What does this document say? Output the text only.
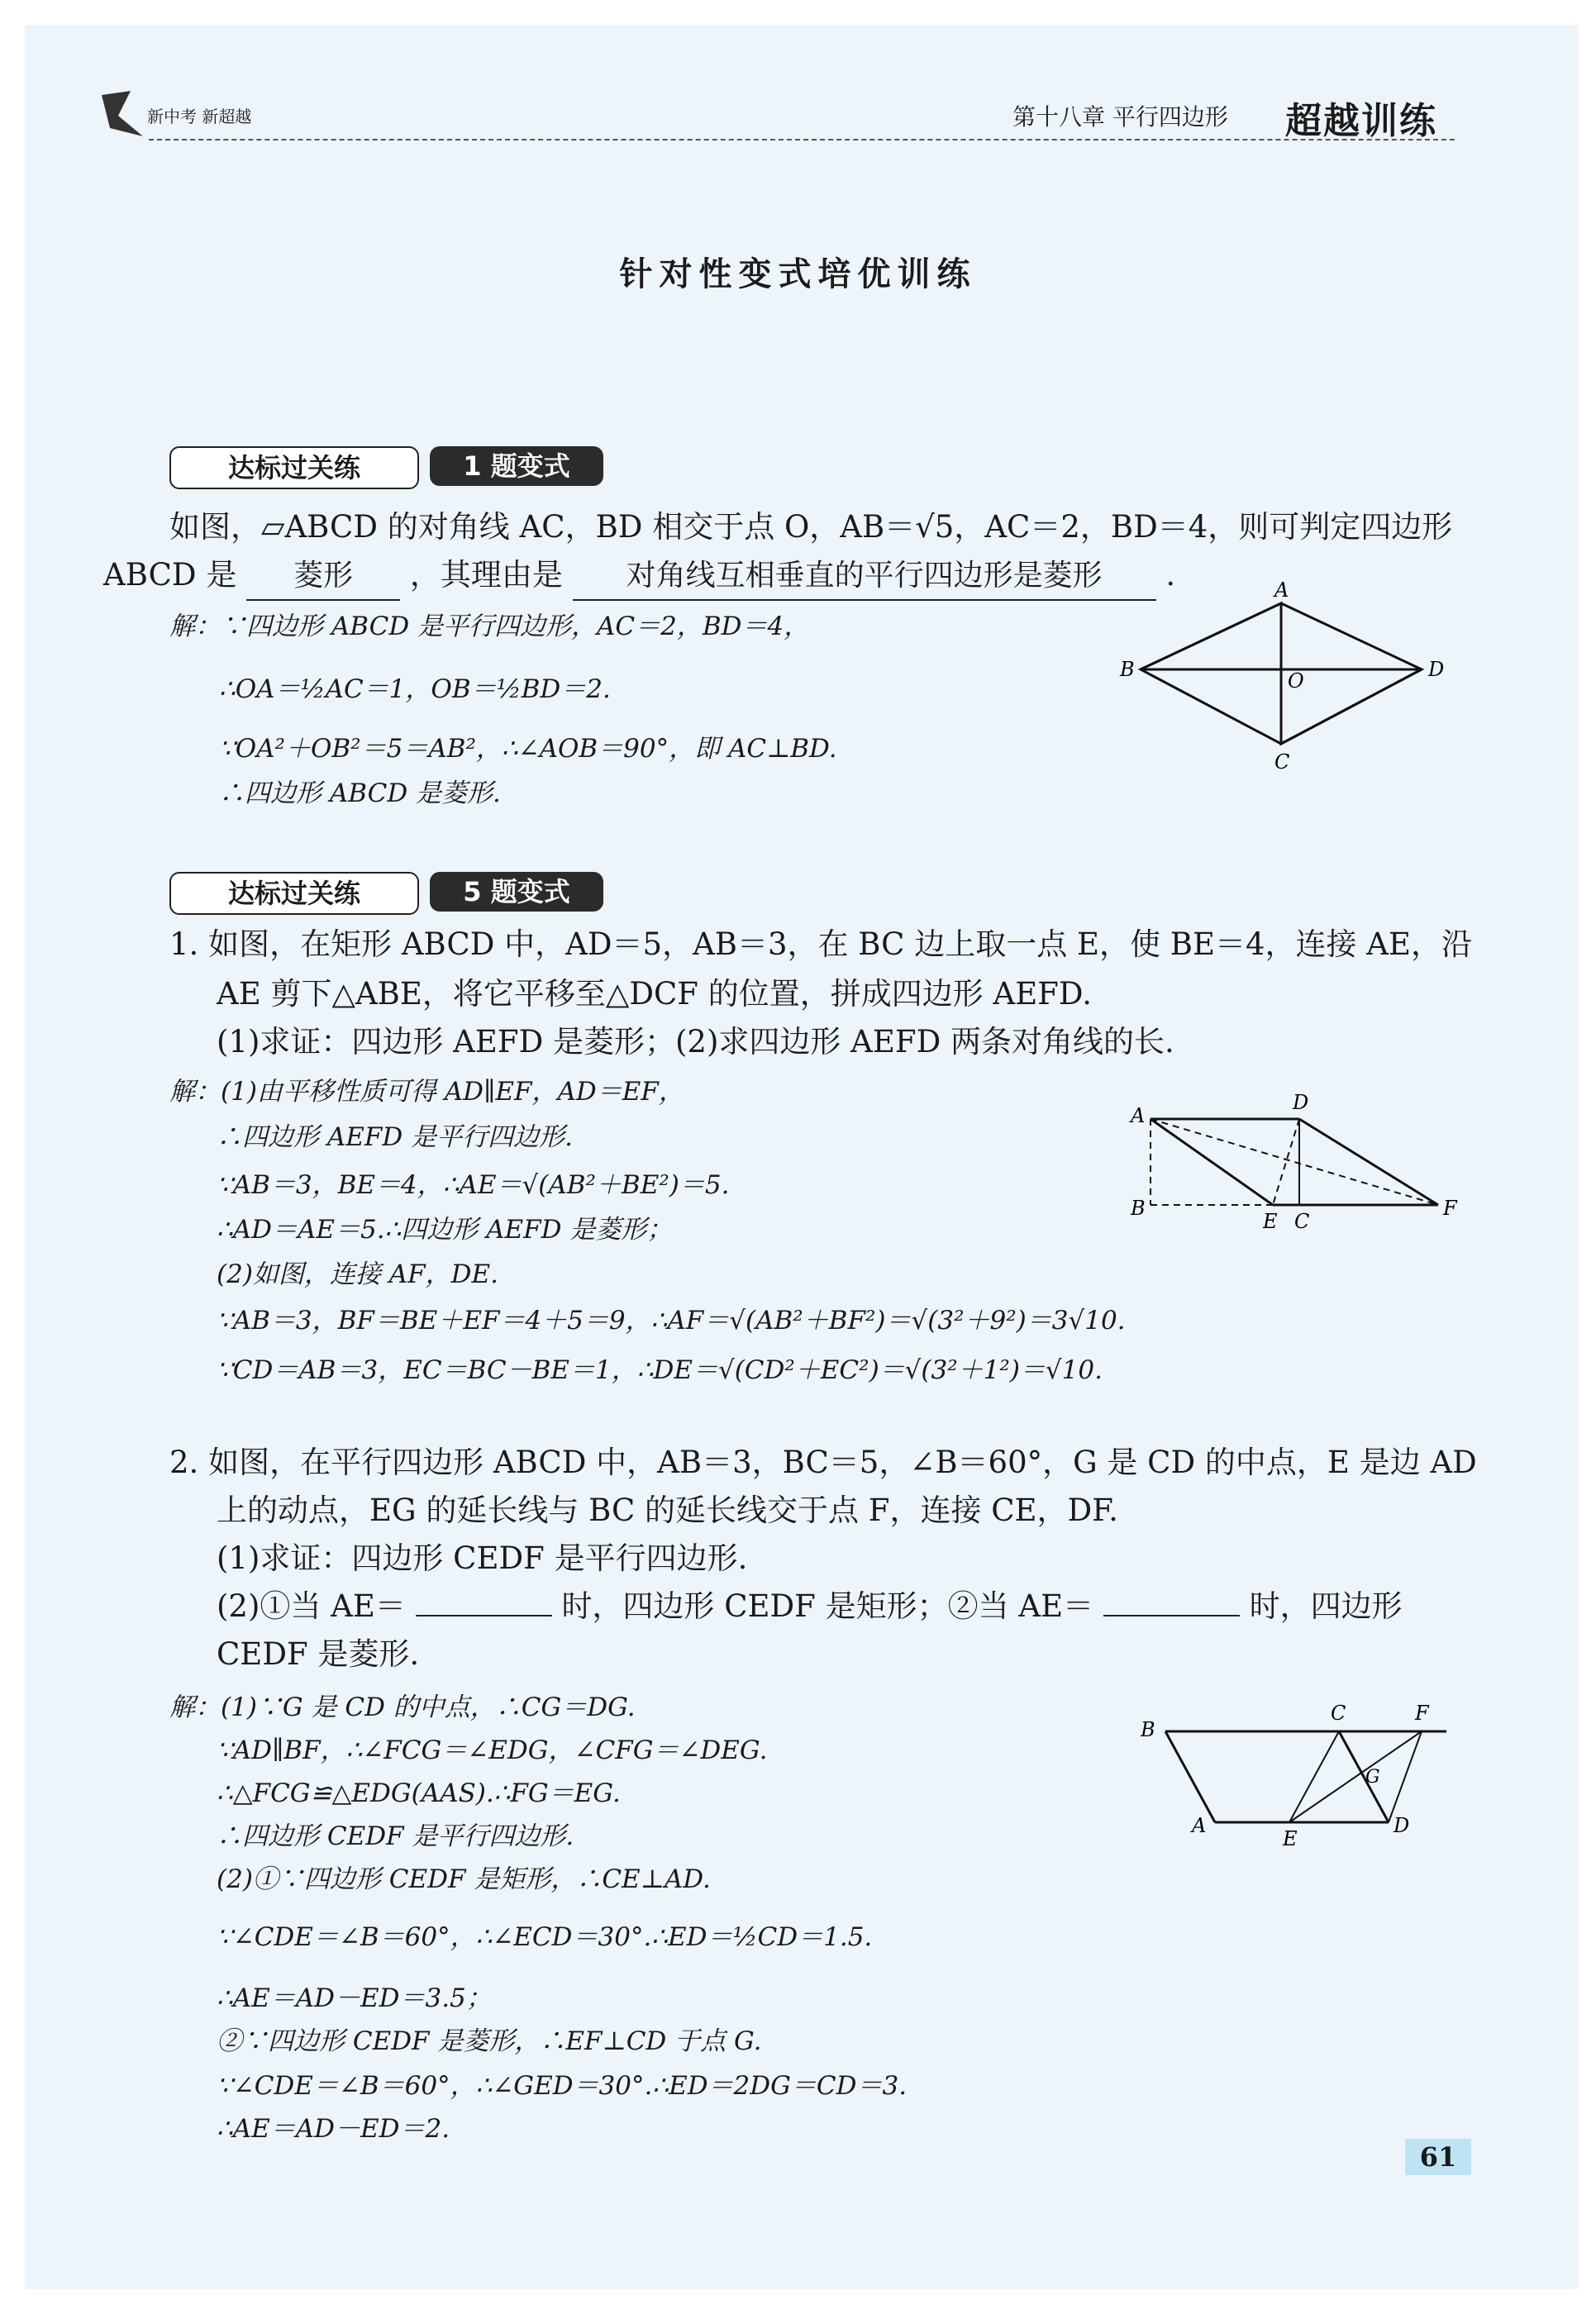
新中考 新超越	第十八章 平行四边形 超越训练
针对性变式培优训练
达标过关练	1 题变式
如图，▱ABCD 的对角线 AC，BD 相交于点 O，AB＝√5，AC＝2，BD＝4，则可判定四边形
ABCD 是 菱形 ，其理由是 对角线互相垂直的平行四边形是菱形 .
解：∵四边形 ABCD 是平行四边形，AC＝2，BD＝4，
∴OA＝½AC＝1，OB＝½BD＝2.
∵OA²＋OB²＝5＝AB²，∴∠AOB＝90°，即 AC⊥BD.
∴四边形 ABCD 是菱形.
A
B
C
D
O
达标过关练	5 题变式
1. 如图，在矩形 ABCD 中，AD＝5，AB＝3，在 BC 边上取一点 E，使 BE＝4，连接 AE，沿
AE 剪下△ABE，将它平移至△DCF 的位置，拼成四边形 AEFD.
(1)求证：四边形 AEFD 是菱形；(2)求四边形 AEFD 两条对角线的长.
解：(1)由平移性质可得 AD∥EF，AD＝EF，
∴四边形 AEFD 是平行四边形.
∵AB＝3，BE＝4，∴AE＝√(AB²＋BE²)＝5.
∴AD＝AE＝5.∴四边形 AEFD 是菱形；
(2)如图，连接 AF，DE.
∵AB＝3，BF＝BE＋EF＝4＋5＝9，∴AF＝√(AB²＋BF²)＝√(3²＋9²)＝3√10.
∵CD＝AB＝3，EC＝BC－BE＝1，∴DE＝√(CD²＋EC²)＝√(3²＋1²)＝√10.
A
D
B
E C
F
2. 如图，在平行四边形 ABCD 中，AB＝3，BC＝5，∠B＝60°，G 是 CD 的中点，E 是边 AD
上的动点，EG 的延长线与 BC 的延长线交于点 F，连接 CE，DF.
(1)求证：四边形 CEDF 是平行四边形.
(2)①当 AE＝	时，四边形 CEDF 是矩形；②当 AE＝	时，四边形
CEDF 是菱形.
解：(1)∵G 是 CD 的中点，∴CG＝DG.
∵AD∥BF，∴∠FCG＝∠EDG，∠CFG＝∠DEG.
∴△FCG≌△EDG(AAS).∴FG＝EG.
∴四边形 CEDF 是平行四边形.
(2)①∵四边形 CEDF 是矩形，∴CE⊥AD.
∵∠CDE＝∠B＝60°，∴∠ECD＝30°.∴ED＝½CD＝1.5.
∴AE＝AD－ED＝3.5；
②∵四边形 CEDF 是菱形，∴EF⊥CD 于点 G.
∵∠CDE＝∠B＝60°，∴∠GED＝30°.∴ED＝2DG＝CD＝3.
∴AE＝AD－ED＝2.
B
C	F
G
A
E
D
61
